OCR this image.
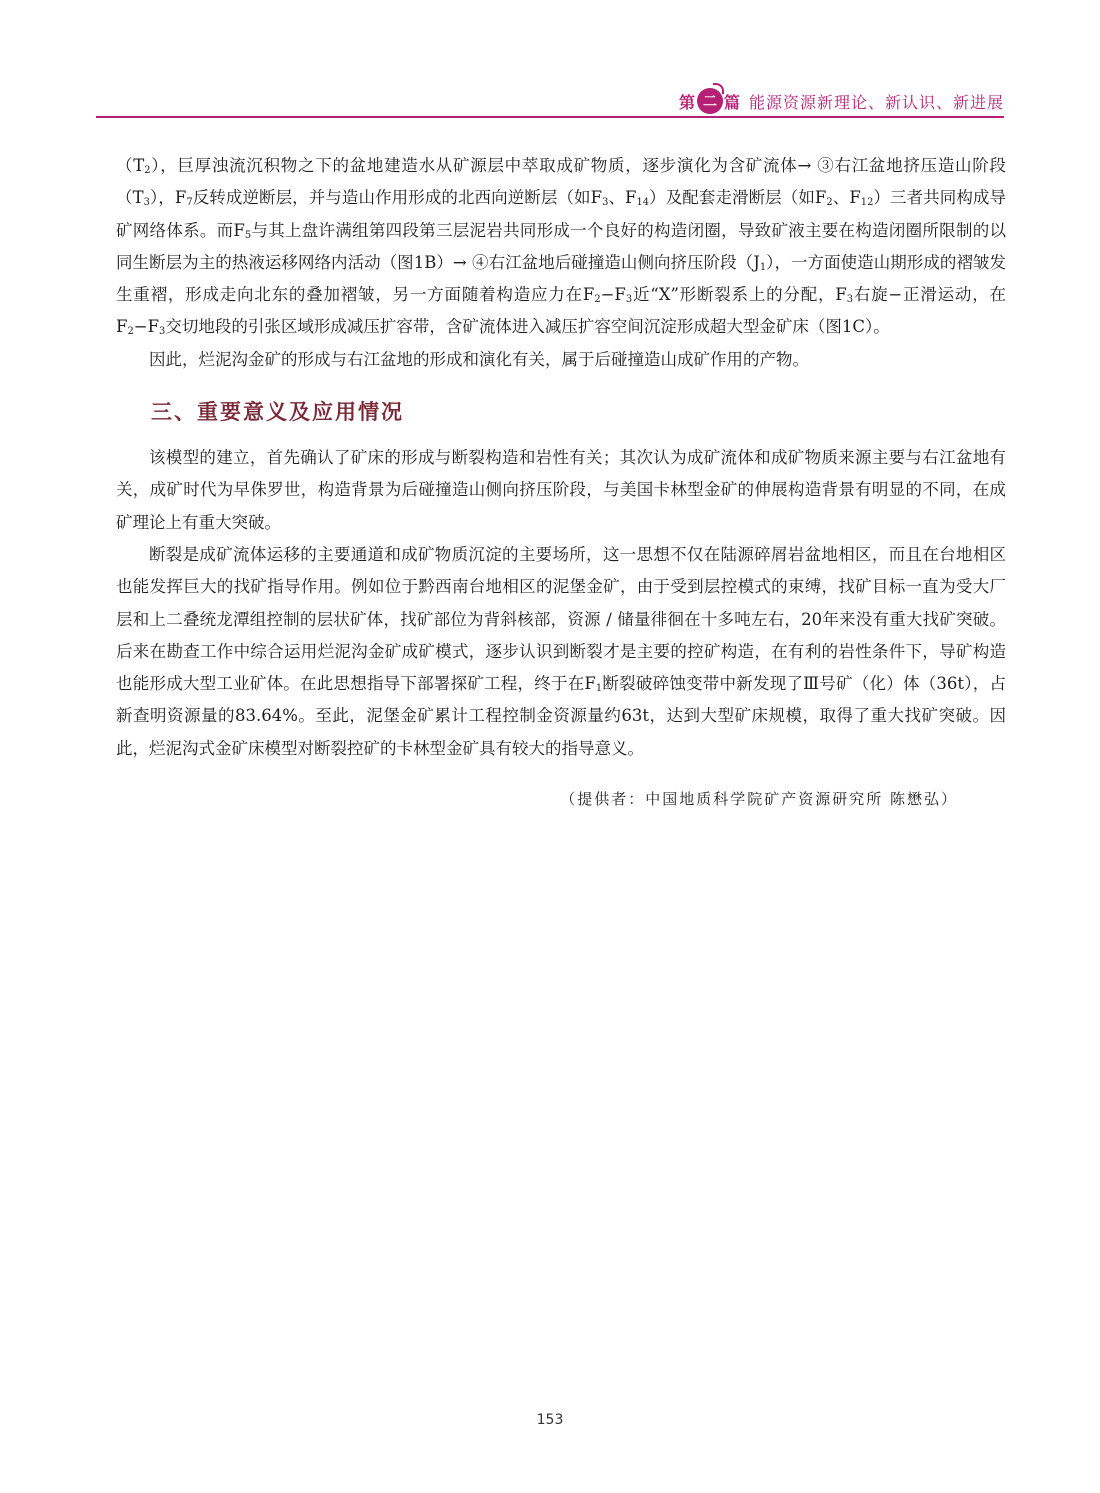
第 二 篇 能源资源新理论、新认识、新进展

$(T_2)$，巨厚浊流沉积物之下的盆地建造水从矿源层中萃取成矿物质，逐步演化为含矿流体→ ③右江盆地挤压造山阶段$(T_3)$，$F_7$反转成逆断层，并与造山作用形成的北西向逆断层（如$F_3$、$F_{14}$）及配套走滑断层（如$F_2$、$F_{12}$）三者共同构成导矿网络体系。而$F_5$与其上盘许满组第四段第三层泥岩共同形成一个良好的构造闭圈，导致矿液主要在构造闭圈所限制的以同生断层为主的热液运移网络内活动（图1B）→ ④右江盆地后碰撞造山侧向挤压阶段$(J_1)$，一方面使造山期形成的褶皱发生重褶，形成走向北东的叠加褶皱，另一方面随着构造应力在$F_2-F_3$近“X”形断裂系上的分配，$F_3$右旋−正滑运动，在$F_2-F_3$交切地段的引张区域形成减压扩容带，含矿流体进入减压扩容空间沉淀形成超大型金矿床（图1C）。

因此，烂泥沟金矿的形成与右江盆地的形成和演化有关，属于后碰撞造山成矿作用的产物。

三、重要意义及应用情况

该模型的建立，首先确认了矿床的形成与断裂构造和岩性有关；其次认为成矿流体和成矿物质来源主要与右江盆地有关，成矿时代为早侏罗世，构造背景为后碰撞造山侧向挤压阶段，与美国卡林型金矿的伸展构造背景有明显的不同，在成矿理论上有重大突破。

断裂是成矿流体运移的主要通道和成矿物质沉淀的主要场所，这一思想不仅在陆源碎屑岩盆地相区，而且在台地相区也能发挥巨大的找矿指导作用。例如位于黔西南台地相区的泥堡金矿，由于受到层控模式的束缚，找矿目标一直为受大厂层和上二叠统龙潭组控制的层状矿体，找矿部位为背斜核部，资源 / 储量徘徊在十多吨左右，20年来没有重大找矿突破。后来在勘查工作中综合运用烂泥沟金矿成矿模式，逐步认识到断裂才是主要的控矿构造，在有利的岩性条件下，导矿构造也能形成大型工业矿体。在此思想指导下部署探矿工程，终于在$F_1$断裂破碎蚀变带中新发现了Ⅲ号矿（化）体（36t），占新查明资源量的83.64%。至此，泥堡金矿累计工程控制金资源量约63t，达到大型矿床规模，取得了重大找矿突破。因此，烂泥沟式金矿床模型对断裂控矿的卡林型金矿具有较大的指导意义。

（提供者：中国地质科学院矿产资源研究所 陈懋弘）
153
